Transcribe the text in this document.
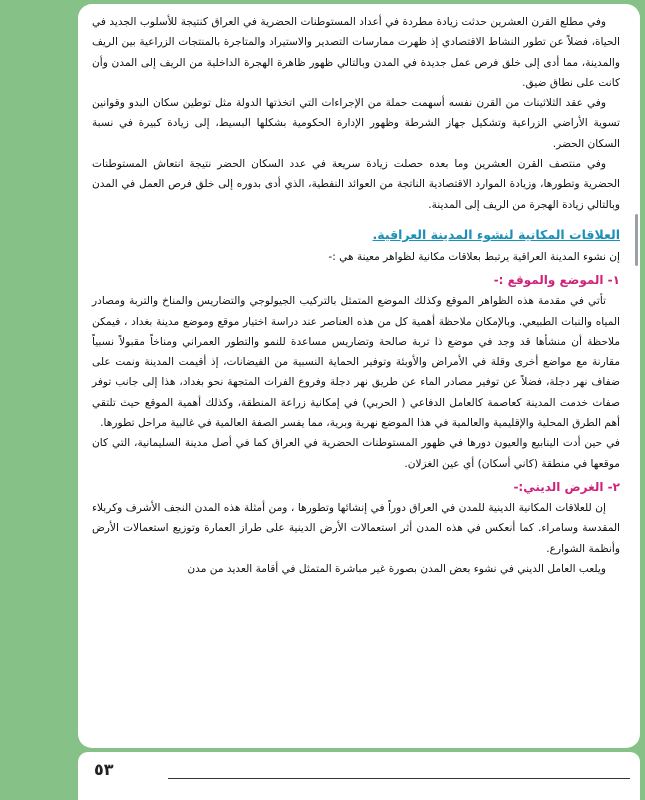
وفي مطلع القرن العشرين حدثت زيادة مطردة في أعداد المستوطنات الحضرية في العراق كنتيجة للأسلوب الجديد في الحياة، فضلاً عن تطور النشاط الاقتصادي إذ ظهرت ممارسات التصدير والاستيراد والمتاجرة بالمنتجات الزراعية بين الريف والمدينة، مما أدى إلى خلق فرص عمل جديدة في المدن وبالتالي ظهور ظاهرة الهجرة الداخلية من الريف إلى المدن وأن كانت على نطاق ضيق.

وفي عقد الثلاثينات من القرن نفسه أسهمت حملة من الإجراءات التي اتخذتها الدولة مثل توطين سكان البدو وقوانين تسوية الأراضي الزراعية وتشكيل جهاز الشرطة وظهور الإدارة الحكومية بشكلها البسيط، إلى زيادة كبيرة في نسبة السكان الحضر.

وفي منتصف القرن العشرين وما بعده حصلت زيادة سريعة في عدد السكان الحضر نتيجة انتعاش المستوطنات الحضرية وتطورها، وزيادة الموارد الاقتصادية الناتجة من العوائد النفطية، الذي أدى بدوره إلى خلق فرص العمل في المدن وبالتالي زيادة الهجرة من الريف إلى المدينة.

العلاقات المكانية لنشوء المدينة العراقية.

إن نشوء المدينة العراقية يرتبط بعلاقات مكانية لظواهر معينة هي :-

١- الموضع والموقع :-

تأتي في مقدمة هذه الظواهر الموقع وكذلك الموضع المتمثل بالتركيب الجيولوجي والتضاريس والمناخ والتربة ومصادر المياه والنبات الطبيعي. وبالإمكان ملاحظة أهمية كل من هذه العناصر عند دراسة اختيار موقع وموضع مدينة بغداد ، فيمكن ملاحظة أن منشأها قد وجد في موضع ذا تربة صالحة وتضاريس مساعدة للنمو والتطور العمراني ومناخاً مقبولاً نسبياً مقارنة مع مواضع أخرى وقلة في الأمراض والأوبئة وتوفير الحماية النسبية من الفيضانات، إذ أقيمت المدينة ونمت على ضفاف نهر دجلة، فضلاً عن توفير مصادر الماء عن طريق نهر دجلة وفروع الفرات المتجهة نحو بغداد، هذا إلى جانب توفر صفات خدمت المدينة كعاصمة كالعامل الدفاعي ( الحربي) في إمكانية زراعة المنطقة، وكذلك أهمية الموقع حيث تلتقي أهم الطرق المحلية والإقليمية والعالمية في هذا الموضع نهرية وبرية، مما يفسر الصفة العالمية في غالبية مراحل تطورها.

في حين أدت الينابيع والعيون دورها في ظهور المستوطنات الحضرية في العراق كما في أصل مدينة السليمانية، التي كان موقعها في منطقة (كاني أسكان) أي عين الغزلان.

٢- الغرض الديني:-

إن للعلاقات المكانية الدينية للمدن في العراق دوراً في إنشائها وتطورها ، ومن أمثلة هذه المدن النجف الأشرف وكربلاء المقدسة وسامراء. كما أنعكس في هذه المدن أثر استعمالات الأرض الدينية على طراز العمارة وتوزيع استعمالات الأرض وأنظمة الشوارع.

ويلعب العامل الديني في نشوء بعض المدن بصورة غير مباشرة المتمثل في أقامة العديد من مدن

٥٣
